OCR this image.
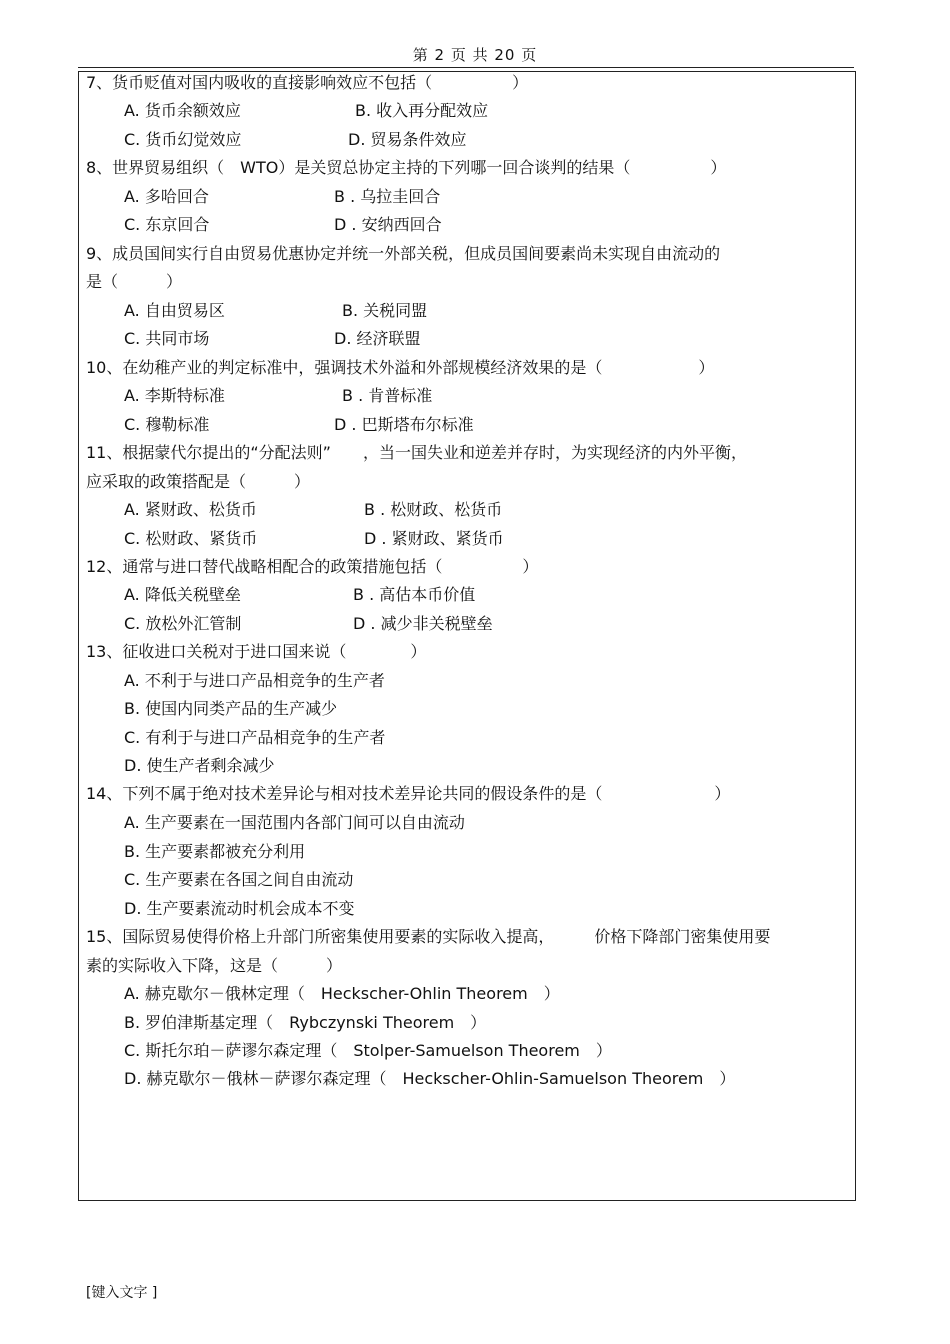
第 2 页 共 20 页
7、货币贬值对国内吸收的直接影响效应不包括（　　　　　）
A. 货币余额效应	B. 收入再分配效应
C. 货币幻觉效应	D. 贸易条件效应
8、世界贸易组织（　WTO）是关贸总协定主持的下列哪一回合谈判的结果（　　　　　）
A. 多哈回合	B . 乌拉圭回合
C. 东京回合	D . 安纳西回合
9、成员国间实行自由贸易优惠协定并统一外部关税，但成员国间要素尚未实现自由流动的
是（　　　）
A. 自由贸易区	B. 关税同盟
C. 共同市场	D. 经济联盟
10、在幼稚产业的判定标准中，强调技术外溢和外部规模经济效果的是（　　　　　　）
A. 李斯特标准	B . 肯普标准
C. 穆勒标准	D . 巴斯塔布尔标准
11、根据蒙代尔提出的“分配法则”　　，当一国失业和逆差并存时，为实现经济的内外平衡，
应采取的政策搭配是（　　　）
A. 紧财政、松货币	B . 松财政、松货币
C. 松财政、紧货币	D . 紧财政、紧货币
12、通常与进口替代战略相配合的政策措施包括（　　　　　）
A. 降低关税壁垒	B . 高估本币价值
C. 放松外汇管制	D . 减少非关税壁垒
13、征收进口关税对于进口国来说（　　　　）
A. 不利于与进口产品相竞争的生产者
B. 使国内同类产品的生产减少
C. 有利于与进口产品相竞争的生产者
D. 使生产者剩余减少
14、下列不属于绝对技术差异论与相对技术差异论共同的假设条件的是（　　　　　　　）
A. 生产要素在一国范围内各部门间可以自由流动
B. 生产要素都被充分利用
C. 生产要素在各国之间自由流动
D. 生产要素流动时机会成本不变
15、国际贸易使得价格上升部门所密集使用要素的实际收入提高，　　　价格下降部门密集使用要
素的实际收入下降，这是（　　　）
A. 赫克歇尔－俄林定理（　Heckscher-Ohlin Theorem　）
B. 罗伯津斯基定理（　Rybczynski Theorem　）
C. 斯托尔珀－萨谬尔森定理（　Stolper-Samuelson Theorem　）
D. 赫克歇尔－俄林－萨谬尔森定理（　Heckscher-Ohlin-Samuelson Theorem　）
[键入文字 ]
